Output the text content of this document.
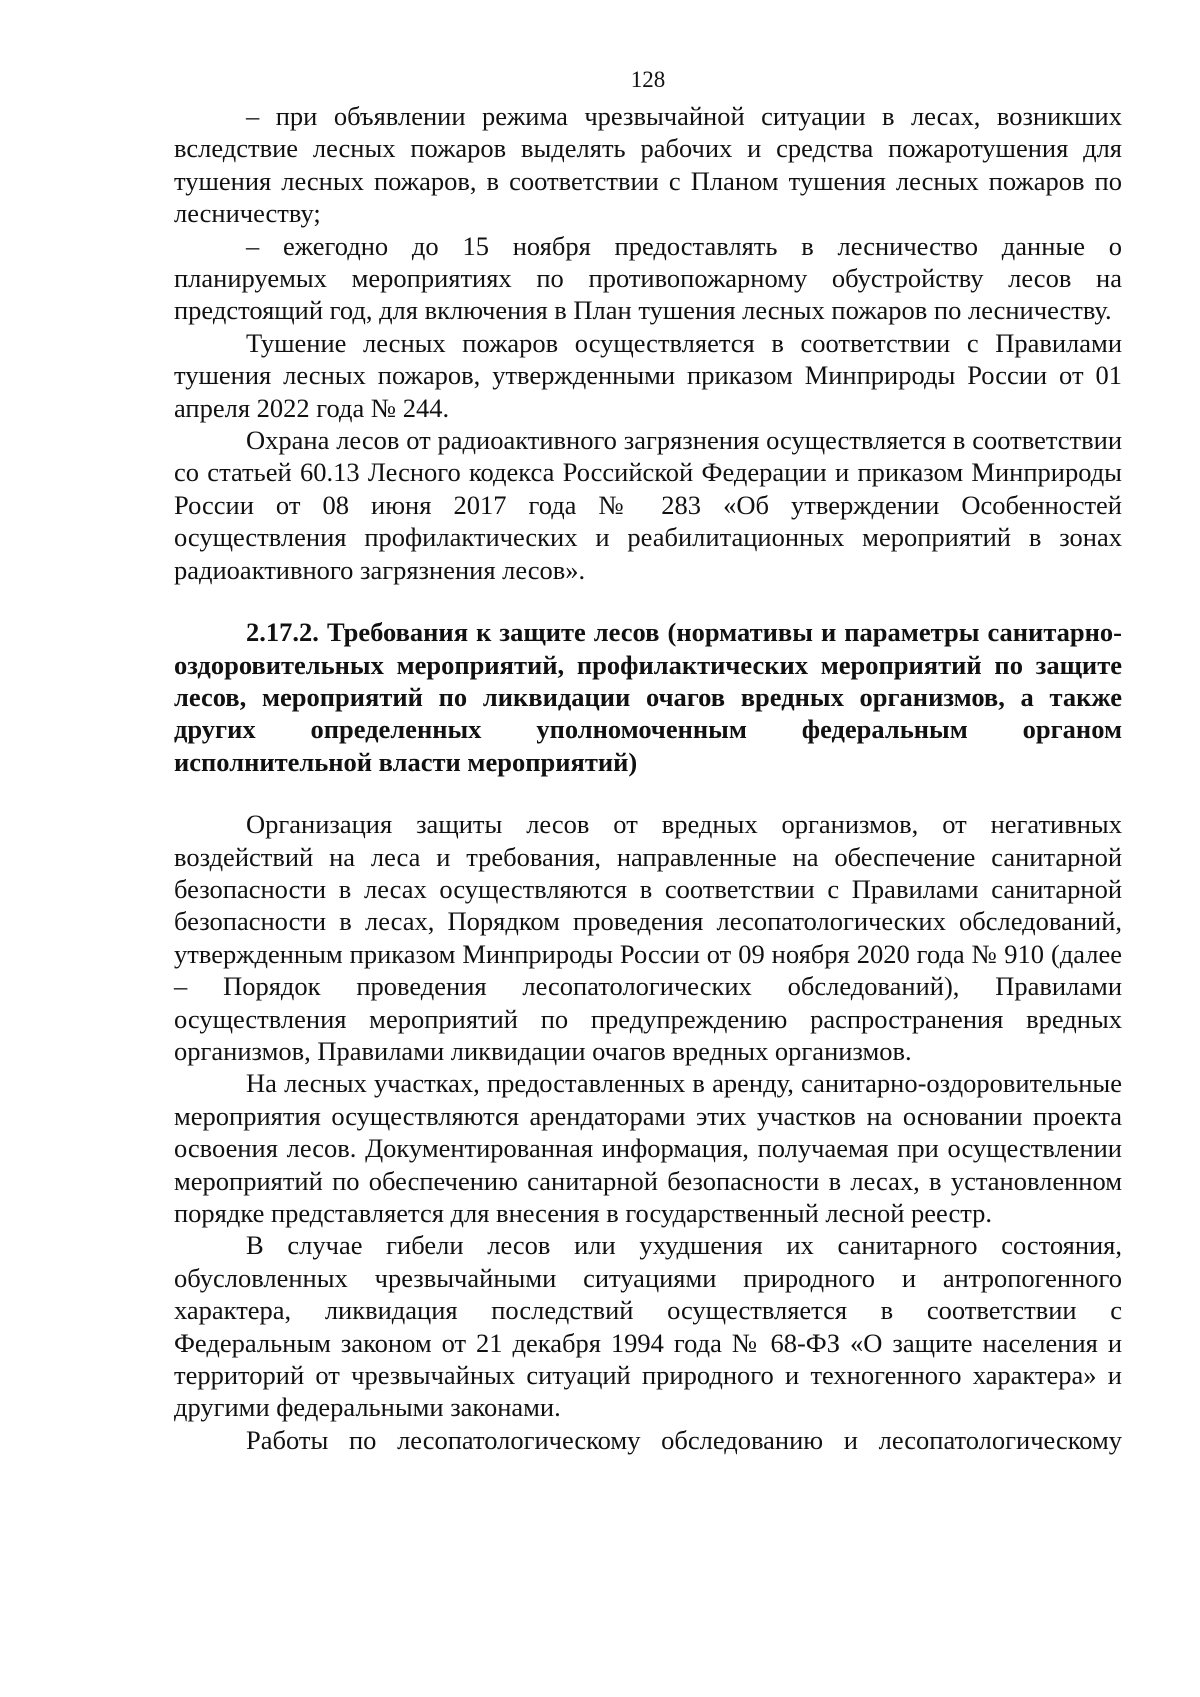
128

– при объявлении режима чрезвычайной ситуации в лесах, возникших вследствие лесных пожаров выделять рабочих и средства пожаротушения для тушения лесных пожаров, в соответствии с Планом тушения лесных пожаров по лесничеству;

– ежегодно до 15 ноября предоставлять в лесничество данные о планируемых мероприятиях по противопожарному обустройству лесов на предстоящий год, для включения в План тушения лесных пожаров по лесничеству.

Тушение лесных пожаров осуществляется в соответствии с Правилами тушения лесных пожаров, утвержденными приказом Минприроды России от 01 апреля 2022 года № 244.

Охрана лесов от радиоактивного загрязнения осуществляется в соответствии со статьей 60.13 Лесного кодекса Российской Федерации и приказом Минприроды России от 08 июня 2017 года № 283 «Об утверждении Особенностей осуществления профилактических и реабилитационных мероприятий в зонах радиоактивного загрязнения лесов».

2.17.2. Требования к защите лесов (нормативы и параметры санитарно-оздоровительных мероприятий, профилактических мероприятий по защите лесов, мероприятий по ликвидации очагов вредных организмов, а также других определенных уполномоченным федеральным органом исполнительной власти мероприятий)

Организация защиты лесов от вредных организмов, от негативных воздействий на леса и требования, направленные на обеспечение санитарной безопасности в лесах осуществляются в соответствии с Правилами санитарной безопасности в лесах, Порядком проведения лесопатологических обследований, утвержденным приказом Минприроды России от 09 ноября 2020 года № 910 (далее – Порядок проведения лесопатологических обследований), Правилами осуществления мероприятий по предупреждению распространения вредных организмов, Правилами ликвидации очагов вредных организмов.

На лесных участках, предоставленных в аренду, санитарно-оздоровительные мероприятия осуществляются арендаторами этих участков на основании проекта освоения лесов. Документированная информация, получаемая при осуществлении мероприятий по обеспечению санитарной безопасности в лесах, в установленном порядке представляется для внесения в государственный лесной реестр.

В случае гибели лесов или ухудшения их санитарного состояния, обусловленных чрезвычайными ситуациями природного и антропогенного характера, ликвидация последствий осуществляется в соответствии с Федеральным законом от 21 декабря 1994 года № 68-ФЗ «О защите населения и территорий от чрезвычайных ситуаций природного и техногенного характера» и другими федеральными законами.

Работы по лесопатологическому обследованию и лесопатологическому
